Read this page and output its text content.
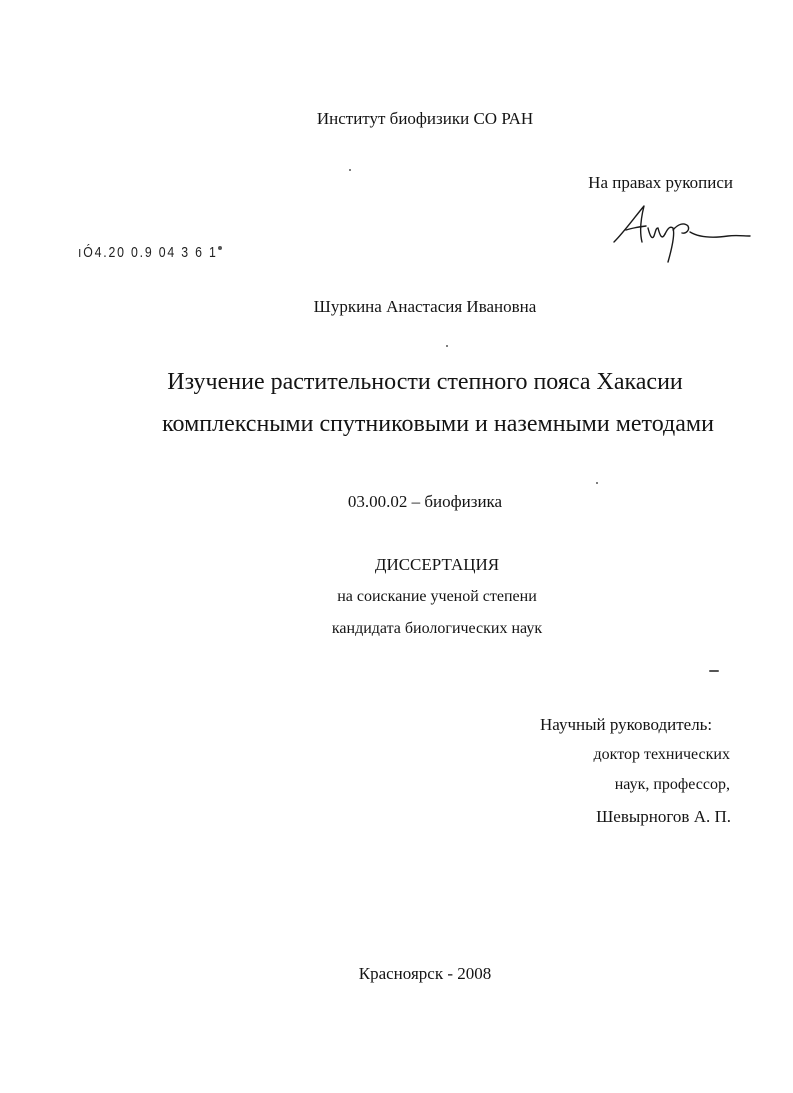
Институт биофизики СО РАН
На правах рукописи
ıÓ4.20 0.9 04 3 6 1
Шуркина Анастасия Ивановна
Изучение растительности степного пояса Хакасии
комплексными спутниковыми и наземными методами
03.00.02 – биофизика
ДИССЕРТАЦИЯ
на соискание ученой степени
кандидата биологических наук
Научный руководитель:
доктор технических
наук, профессор,
Шевырногов А. П.
Красноярск - 2008
